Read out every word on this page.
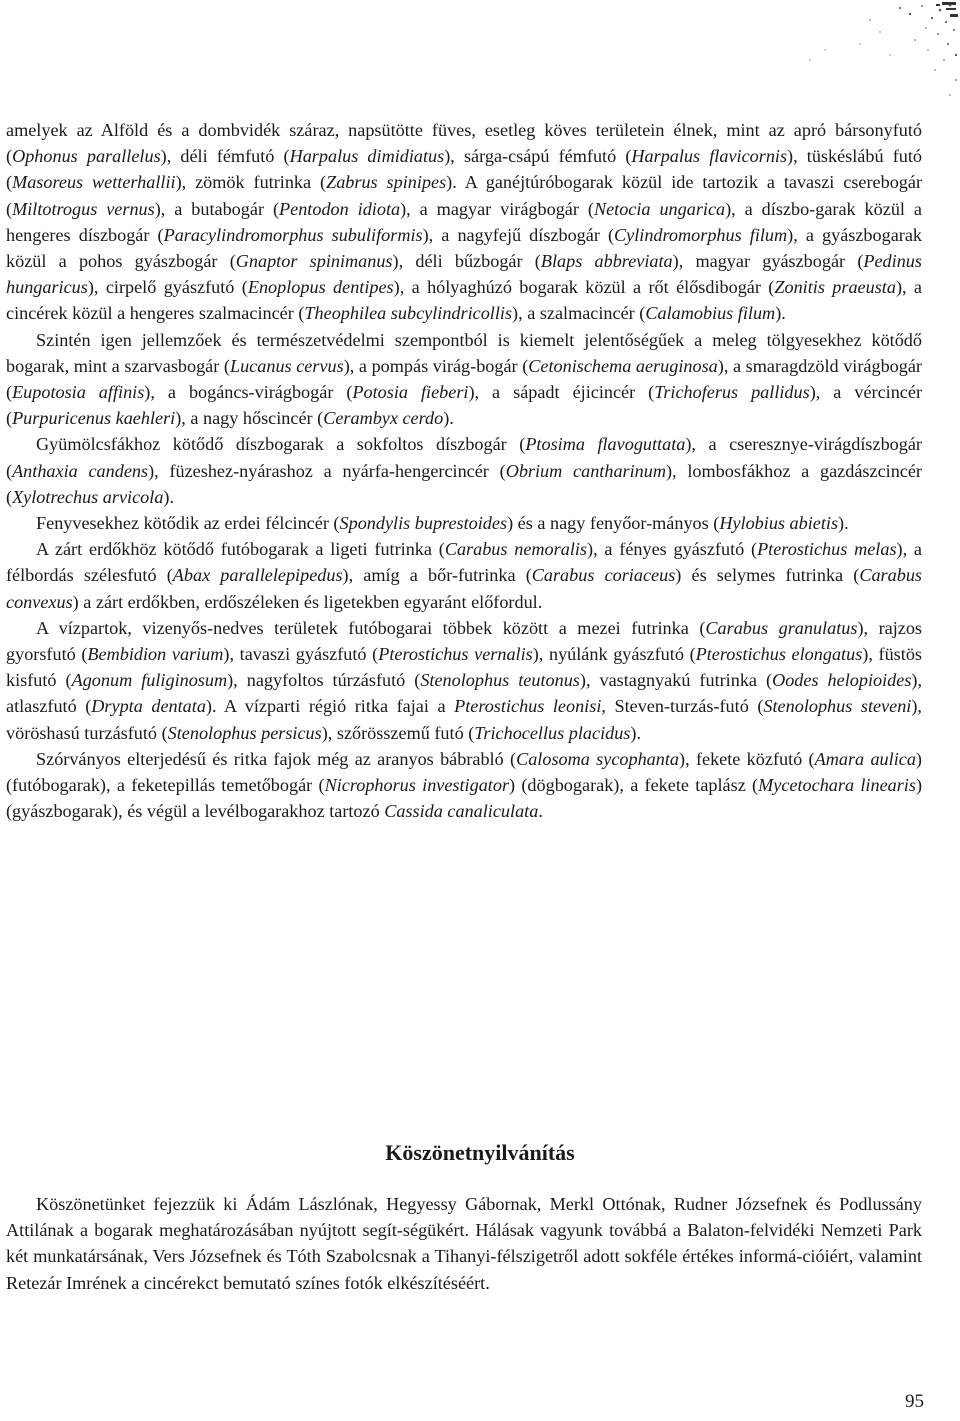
amelyek az Alföld és a dombvidék száraz, napsütötte füves, esetleg köves területein élnek, mint az apró bársonyfutó (Ophonus parallelus), déli fémfutó (Harpalus dimidiatus), sárga-csápú fémfutó (Harpalus flavicornis), tüskéslábú futó (Masoreus wetterhallii), zömök futrinka (Zabrus spinipes). A ganéjtúróbogarak közül ide tartozik a tavaszi cserebogár (Miltotrogus vernus), a butabogár (Pentodon idiota), a magyar virágbogár (Netocia ungarica), a díszbo-garak közül a hengeres díszbogár (Paracylindromorphus subuliformis), a nagyfejű díszbogár (Cylindromorphus filum), a gyászbogarak közül a pohos gyászbogár (Gnaptor spinimanus), déli bűzbogár (Blaps abbreviata), magyar gyászbogár (Pedinus hungaricus), cirpelő gyászfutó (Enoplopus dentipes), a hólyaghúzó bogarak közül a rőt élősdibogár (Zonitis praeusta), a cincérek közül a hengeres szalmacincér (Theophilea subcylindricollis), a szalmacincér (Calamobius filum).

Szintén igen jellemzőek és természetvédelmi szempontból is kiemelt jelentőségűek a meleg tölgyesekhez kötődő bogarak, mint a szarvasbogár (Lucanus cervus), a pompás virág-bogár (Cetonischema aeruginosa), a smaragdzöld virágbogár (Eupotosia affinis), a bogáncs-virágbogár (Potosia fieberi), a sápadt éjicincér (Trichoferus pallidus), a vércincér (Purpuricenus kaehleri), a nagy hőscincér (Cerambyx cerdo).

Gyümölcsfákhoz kötődő díszbogarak a sokfoltos díszbogár (Ptosima flavoguttata), a cseresznye-virágdíszbogár (Anthaxia candens), füzeshez-nyárashoz a nyárfa-hengercincér (Obrium cantharinum), lombosfákhoz a gazdászcincér (Xylotrechus arvicola).

Fenyvesekhez kötődik az erdei félcincér (Spondylis buprestoides) és a nagy fenyőor-mányos (Hylobius abietis).

A zárt erdőkhöz kötődő futóbogarak a ligeti futrinka (Carabus nemoralis), a fényes gyászfutó (Pterostichus melas), a félbordás szélesfutó (Abax parallelepipedus), amíg a bőr-futrinka (Carabus coriaceus) és selymes futrinka (Carabus convexus) a zárt erdőkben, erdőszéleken és ligetekben egyaránt előfordul.

A vízpartok, vizenyős-nedves területek futóbogarai többek között a mezei futrinka (Carabus granulatus), rajzos gyorsfutó (Bembidion varium), tavaszi gyászfutó (Pterostichus vernalis), nyúlánk gyászfutó (Pterostichus elongatus), füstös kisfutó (Agonum fuliginosum), nagyfoltos túrzásfutó (Stenolophus teutonus), vastagnyakú futrinka (Oodes helopioides), atlaszfutó (Drypta dentata). A vízparti régió ritka fajai a Pterostichus leonisi, Steven-turzás-futó (Stenolophus steveni), vöröshasú turzásfutó (Stenolophus persicus), szőrösszemű futó (Trichocellus placidus).

Szórványos elterjedésű és ritka fajok még az aranyos bábrabló (Calosoma sycophanta), fekete közfutó (Amara aulica) (futóbogarak), a feketepillás temetőbogár (Nicrophorus investigator) (dögbogarak), a fekete taplász (Mycetochara linearis) (gyászbogarak), és végül a levélbogarakhoz tartozó Cassida canaliculata.

Köszönetnyilvánítás

Köszönetünket fejezzük ki Ádám Lászlónak, Hegyessy Gábornak, Merkl Ottónak, Rudner Józsefnek és Podlussány Attilának a bogarak meghatározásában nyújtott segít-ségükért. Hálásak vagyunk továbbá a Balaton-felvidéki Nemzeti Park két munkatársának, Vers Józsefnek és Tóth Szabolcsnak a Tihanyi-félszigetről adott sokféle értékes informá-cióiért, valamint Retezár Imrének a cincérekct bemutató színes fotók elkészítéséért.

95
